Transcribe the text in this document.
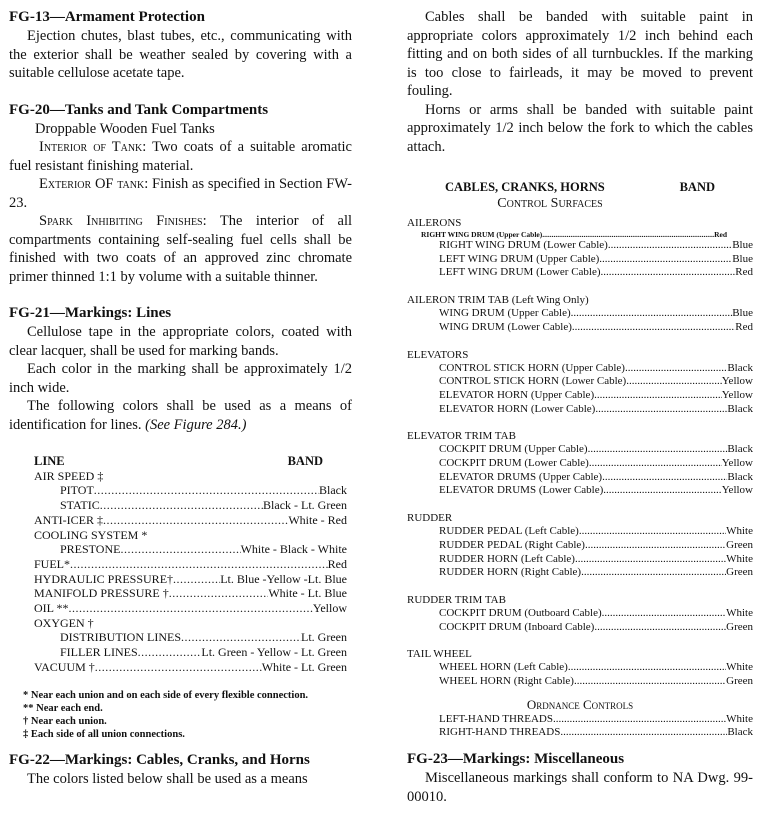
FG-13—Armament Protection

Ejection chutes, blast tubes, etc., communicating with the exterior shall be weather sealed by covering with a suitable cellulose acetate tape.

FG-20—Tanks and Tank Compartments

Droppable Wooden Fuel Tanks

Interior of Tank: Two coats of a suitable aromatic fuel resistant finishing material.

Exterior OF tank: Finish as specified in Section FW-23.

Spark Inhibiting Finishes: The interior of all compartments containing self-sealing fuel cells shall be finished with two coats of an approved zinc chromate primer thinned 1:1 by volume with a suitable thinner.

FG-21—Markings: Lines

Cellulose tape in the appropriate colors, coated with clear lacquer, shall be used for marking bands.

Each color in the marking shall be approximately 1/2 inch wide.

The following colors shall be used as a means of identification for lines. (See Figure 284.)

LINE	BAND
AIR SPEED ‡
PITOT .....	Black
STATIC .....	Black - Lt. Green
ANTI-ICER ‡ .....	White - Red
COOLING SYSTEM *
PRESTONE .....	White - Black - White
FUEL* .....	Red
HYDRAULIC PRESSURE† .....	Lt. Blue -Yellow -Lt. Blue
MANIFOLD PRESSURE † .....	White - Lt. Blue
OIL ** .....	Yellow
OXYGEN †
DISTRIBUTION LINES .....	Lt. Green
FILLER LINES .....	Lt. Green - Yellow - Lt. Green
VACUUM † .....	White - Lt. Green
* Near each union and on each side of every flexible connection.
** Near each end.
† Near each union.
‡ Each side of all union connections.

FG-22—Markings: Cables, Cranks, and Horns

The colors listed below shall be used as a means

Cables shall be banded with suitable paint in appropriate colors approximately 1/2 inch behind each fitting and on both sides of all turnbuckles. If the marking is too close to fairleads, it may be moved to prevent fouling.

Horns or arms shall be banded with suitable paint approximately 1/2 inch below the fork to which the cables attach.

CABLES, CRANKS, HORNS	BAND
Control Surfaces
AILERONS
RIGHT WING DRUM (Upper Cable) .....	Red
RIGHT WING DRUM (Lower Cable) .....	Blue
LEFT WING DRUM (Upper Cable) .....	Blue
LEFT WING DRUM (Lower Cable) .....	Red
AILERON TRIM TAB (Left Wing Only)
WING DRUM (Upper Cable) .....	Blue
WING DRUM (Lower Cable) .....	Red
ELEVATORS
CONTROL STICK HORN (Upper Cable) .....	Black
CONTROL STICK HORN (Lower Cable) .....	Yellow
ELEVATOR HORN (Upper Cable) .....	Yellow
ELEVATOR HORN (Lower Cable) .....	Black
ELEVATOR TRIM TAB
COCKPIT DRUM (Upper Cable) .....	Black
COCKPIT DRUM (Lower Cable) .....	Yellow
ELEVATOR DRUMS (Upper Cable) .....	Black
ELEVATOR DRUMS (Lower Cable) .....	Yellow
RUDDER
RUDDER PEDAL (Left Cable) .....	White
RUDDER PEDAL (Right Cable) .....	Green
RUDDER HORN (Left Cable) .....	White
RUDDER HORN (Right Cable) .....	Green
RUDDER TRIM TAB
COCKPIT DRUM (Outboard Cable) .....	White
COCKPIT DRUM (Inboard Cable) .....	Green
TAIL WHEEL
WHEEL HORN (Left Cable) .....	White
WHEEL HORN (Right Cable) .....	Green
Ordnance Controls
LEFT-HAND THREADS .....	White
RIGHT-HAND THREADS .....	Black

FG-23—Markings: Miscellaneous

Miscellaneous markings shall conform to NA Dwg. 99-00010.
